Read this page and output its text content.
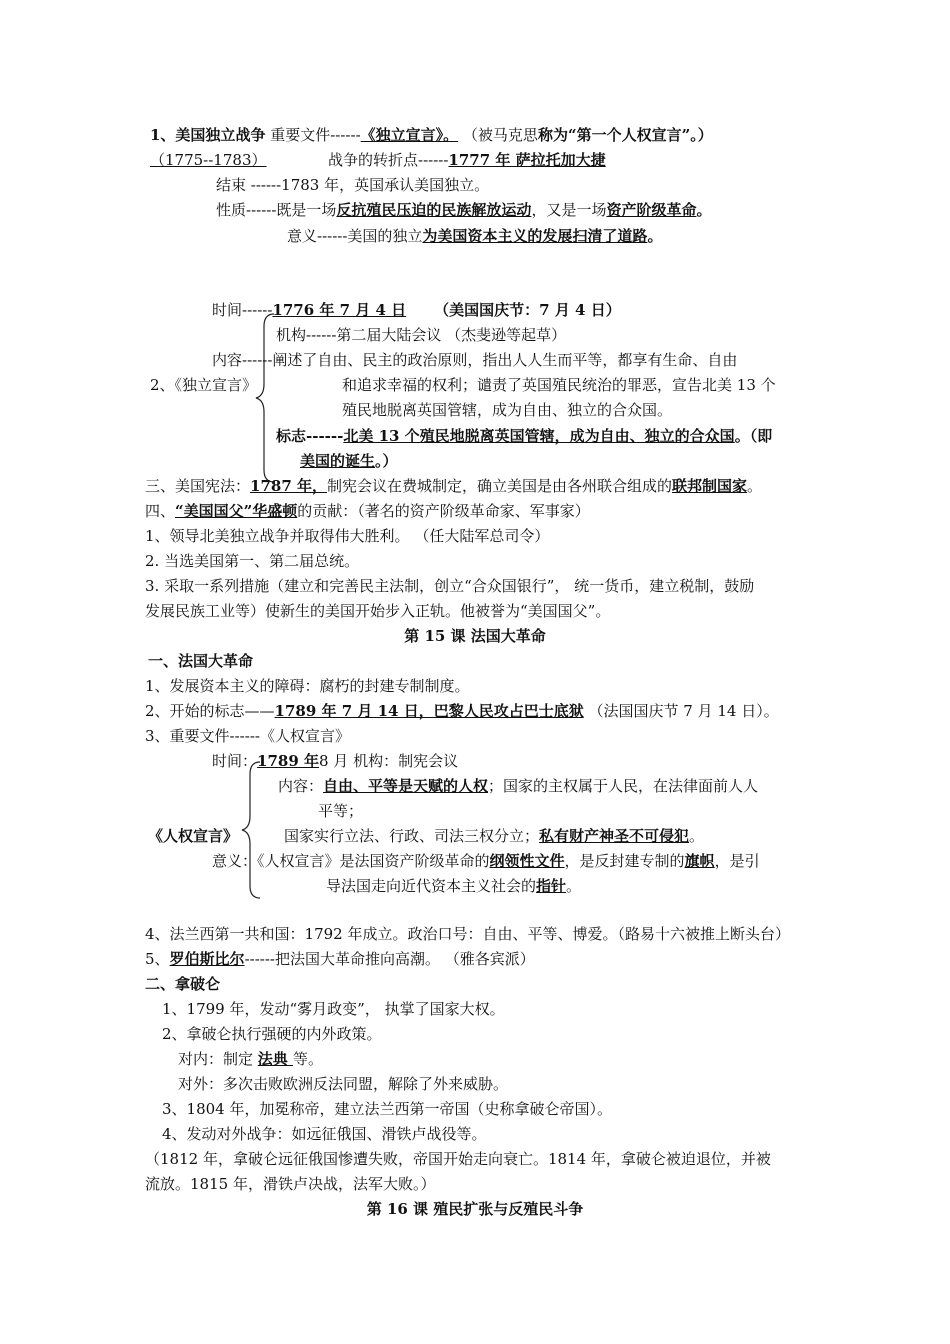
1、美国独立战争 重要文件------《独立宣言》。 （被马克思称为“第一个人权宣言”。）
（1775--1783）	战争的转折点------1777 年 萨拉托加大捷
结束 ------1783 年，英国承认美国独立。
性质------既是一场反抗殖民压迫的民族解放运动，又是一场资产阶级革命。
意义------美国的独立为美国资本主义的发展扫清了道路。
时间------1776 年 7 月 4 日 （美国国庆节：7 月 4 日）
机构------第二届大陆会议 （杰斐逊等起草）
内容------阐述了自由、民主的政治原则，指出人人生而平等，都享有生命、自由
和追求幸福的权利；谴责了英国殖民统治的罪恶，宣告北美 13 个
2、《独立宣言》
殖民地脱离英国管辖，成为自由、独立的合众国。
标志------北美 13 个殖民地脱离英国管辖，成为自由、独立的合众国。（即
美国的诞生。）
三、美国宪法：1787 年，制宪会议在费城制定，确立美国是由各州联合组成的联邦制国家。
四、“美国国父”华盛顿的贡献：（著名的资产阶级革命家、军事家）
1、领导北美独立战争并取得伟大胜利。 （任大陆军总司令）
2. 当选美国第一、第二届总统。
3. 采取一系列措施（建立和完善民主法制，创立“合众国银行”， 统一货币，建立税制，鼓励
发展民族工业等）使新生的美国开始步入正轨。他被誉为“美国国父”。
第 15 课 法国大革命
一、法国大革命
1、发展资本主义的障碍：腐朽的封建专制制度。
2、开始的标志——1789 年 7 月 14 日，巴黎人民攻占巴士底狱 （法国国庆节 7 月 14 日）。
3、重要文件------《人权宣言》
时间：1789 年8 月 机构：制宪会议
内容：自由、平等是天赋的人权；国家的主权属于人民，在法律面前人人
平等；
《人权宣言》	国家实行立法、行政、司法三权分立；私有财产神圣不可侵犯。
意义：《人权宣言》是法国资产阶级革命的纲领性文件，是反封建专制的旗帜，是引
导法国走向近代资本主义社会的指针。
4、法兰西第一共和国：1792 年成立。政治口号：自由、平等、博爱。（路易十六被推上断头台）
5、罗伯斯比尔------把法国大革命推向高潮。 （雅各宾派）
二、拿破仑
1、1799 年，发动“雾月政变”， 执掌了国家大权。
2、拿破仑执行强硬的内外政策。
对内：制定 法典 等。
对外：多次击败欧洲反法同盟，解除了外来威胁。
3、1804 年，加冕称帝，建立法兰西第一帝国（史称拿破仑帝国）。
4、发动对外战争：如远征俄国、滑铁卢战役等。
（1812 年，拿破仑远征俄国惨遭失败，帝国开始走向衰亡。1814 年，拿破仑被迫退位，并被
流放。1815 年，滑铁卢决战，法军大败。）
第 16 课 殖民扩张与反殖民斗争
